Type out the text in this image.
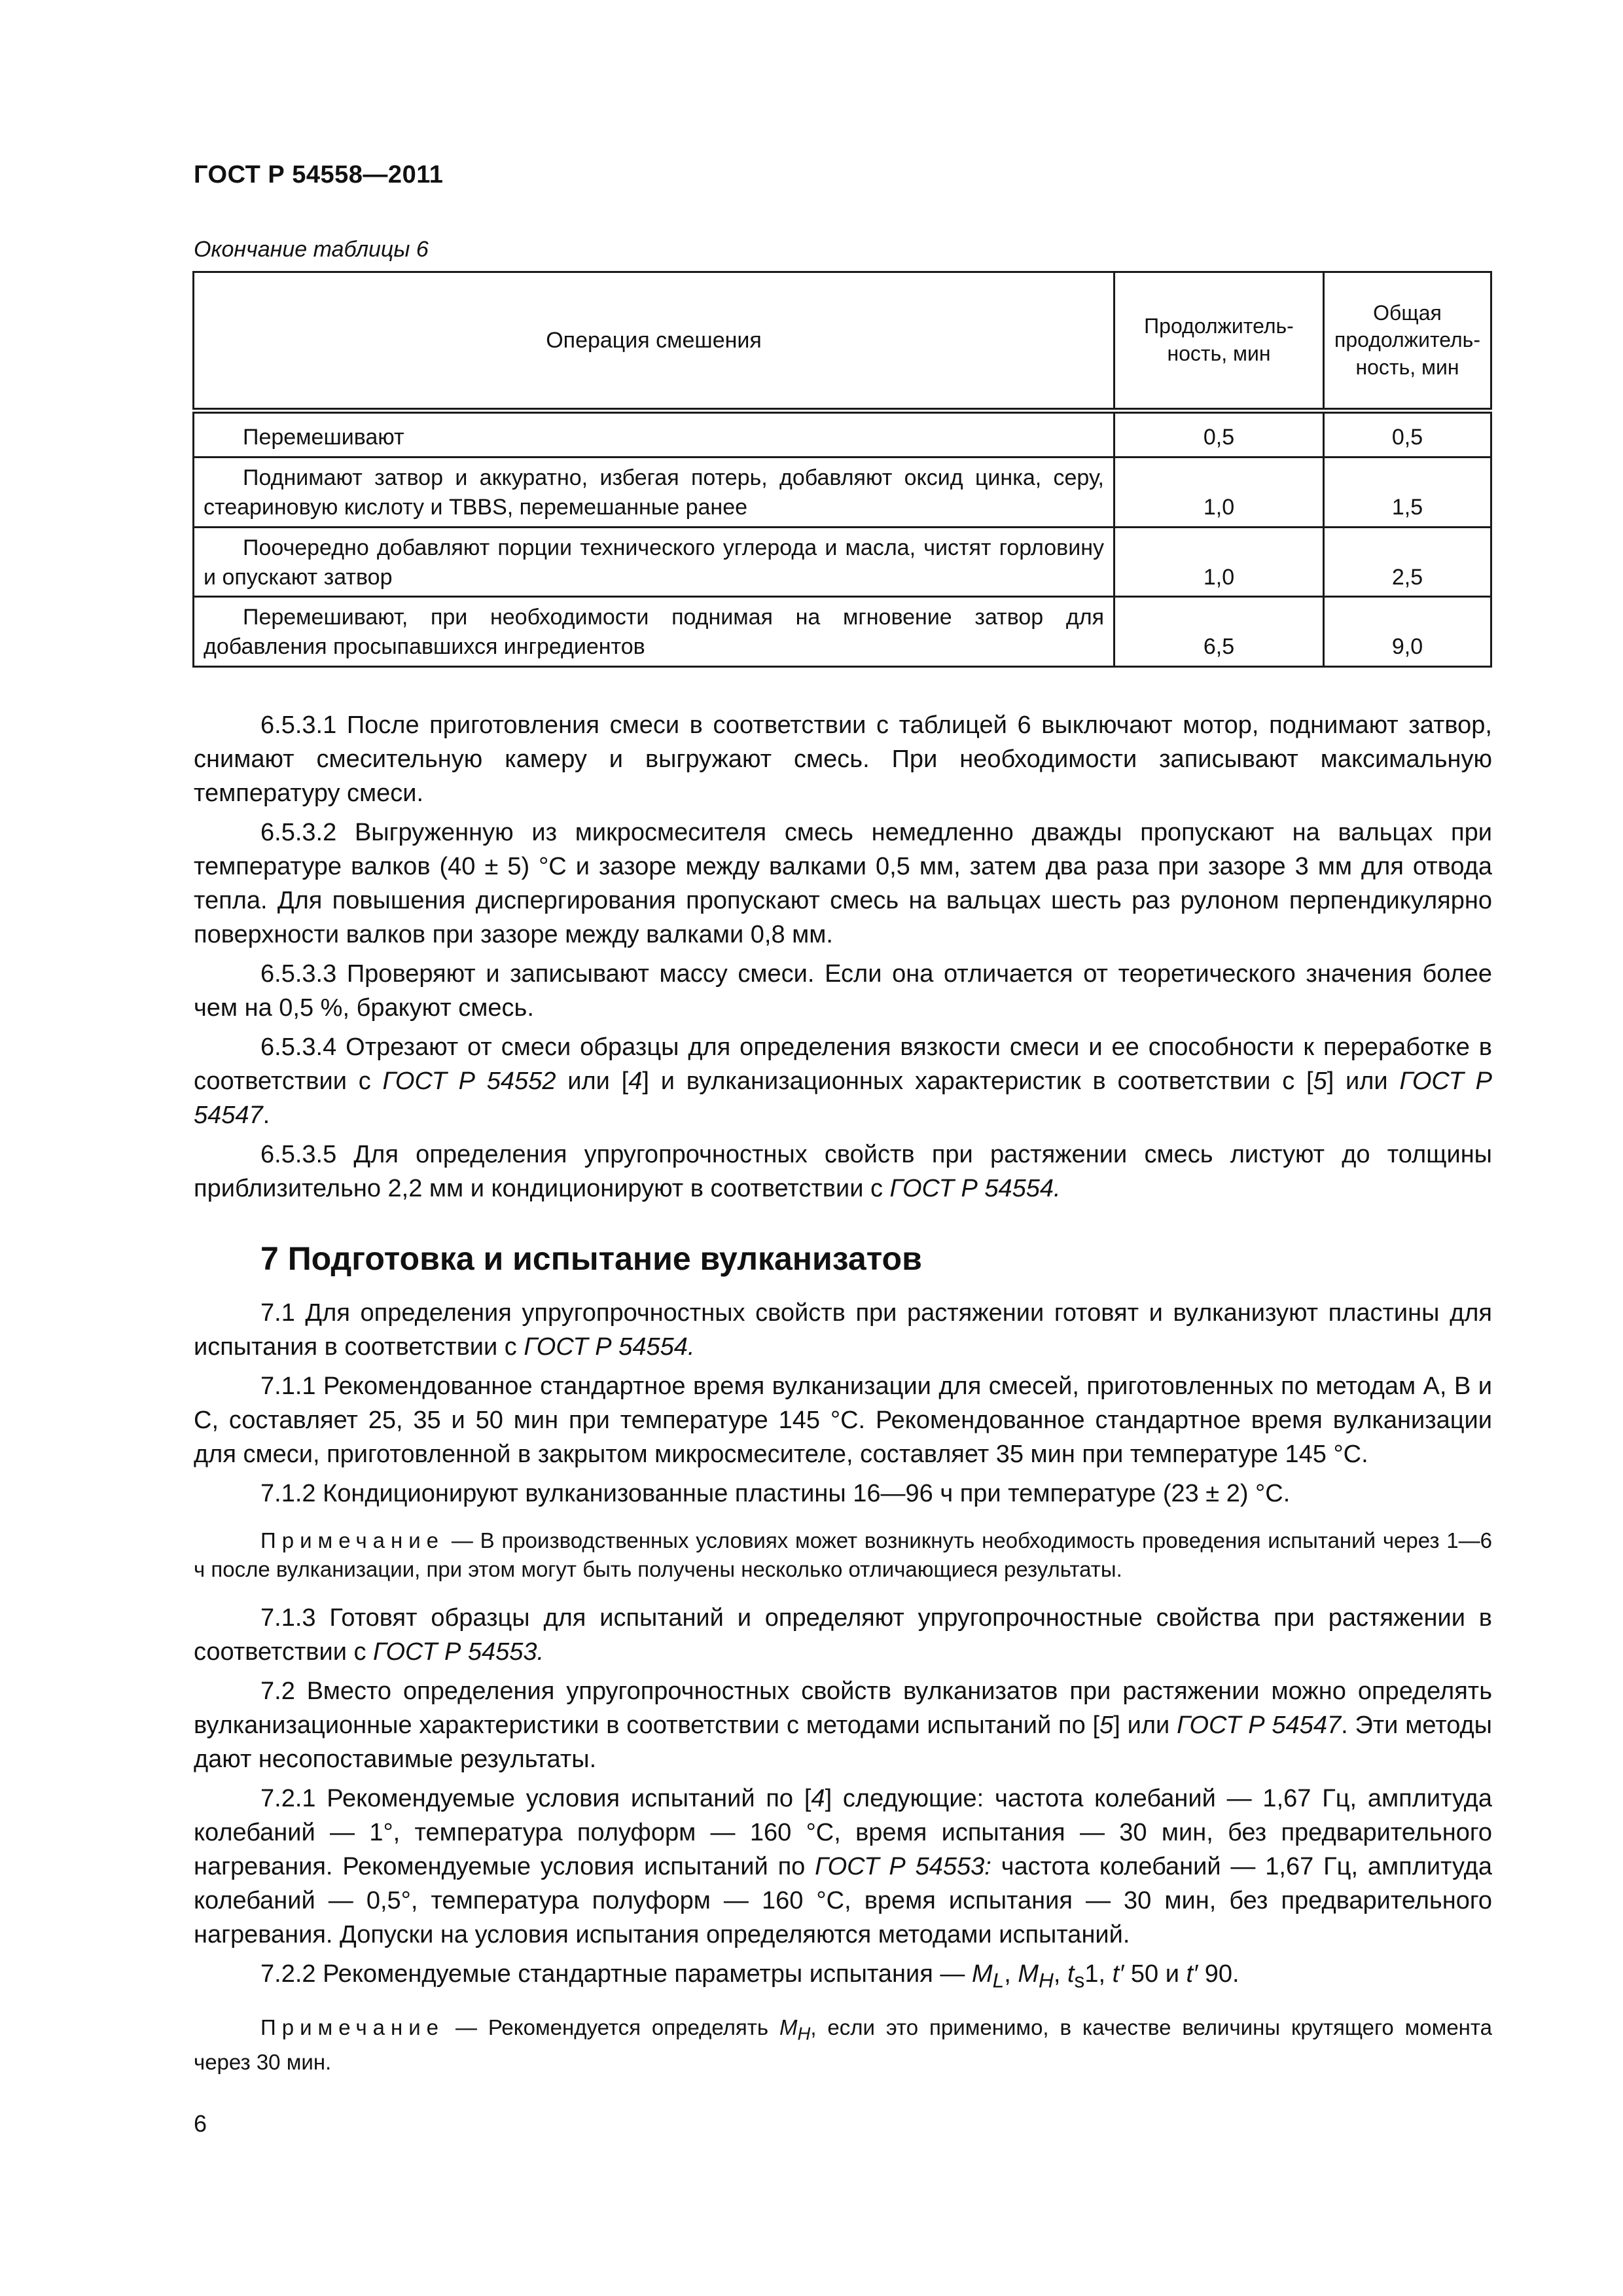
ГОСТ Р 54558—2011
Окончание таблицы 6
Операция смешения	Продолжитель-ность, мин	Общая продолжитель-ность, мин
Перемешивают	0,5	0,5
Поднимают затвор и аккуратно, избегая потерь, добавляют оксид цинка, серу, стеариновую кислоту и TBBS, перемешанные ранее	1,0	1,5
Поочередно добавляют порции технического углерода и масла, чистят горловину и опускают затвор	1,0	2,5
Перемешивают, при необходимости поднимая на мгновение затвор для добавления просыпавшихся ингредиентов	6,5	9,0

6.5.3.1 После приготовления смеси в соответствии с таблицей 6 выключают мотор, поднимают затвор, снимают смесительную камеру и выгружают смесь. При необходимости записывают максимальную температуру смеси.

6.5.3.2 Выгруженную из микросмесителя смесь немедленно дважды пропускают на вальцах при температуре валков (40 ± 5) °С и зазоре между валками 0,5 мм, затем два раза при зазоре 3 мм для отвода тепла. Для повышения диспергирования пропускают смесь на вальцах шесть раз рулоном перпендикулярно поверхности валков при зазоре между валками 0,8 мм.

6.5.3.3 Проверяют и записывают массу смеси. Если она отличается от теоретического значения более чем на 0,5 %, бракуют смесь.

6.5.3.4 Отрезают от смеси образцы для определения вязкости смеси и ее способности к переработке в соответствии с ГОСТ Р 54552 или [4] и вулканизационных характеристик в соответствии с [5] или ГОСТ Р 54547.

6.5.3.5 Для определения упругопрочностных свойств при растяжении смесь листуют до толщины приблизительно 2,2 мм и кондиционируют в соответствии с ГОСТ Р 54554.

7 Подготовка и испытание вулканизатов

7.1 Для определения упругопрочностных свойств при растяжении готовят и вулканизуют пластины для испытания в соответствии с ГОСТ Р 54554.

7.1.1 Рекомендованное стандартное время вулканизации для смесей, приготовленных по методам А, В и С, составляет 25, 35 и 50 мин при температуре 145 °С. Рекомендованное стандартное время вулканизации для смеси, приготовленной в закрытом микросмесителе, составляет 35 мин при температуре 145 °С.

7.1.2 Кондиционируют вулканизованные пластины 16—96 ч при температуре (23 ± 2) °С.

Примечание — В производственных условиях может возникнуть необходимость проведения испытаний через 1—6 ч после вулканизации, при этом могут быть получены несколько отличающиеся результаты.

7.1.3 Готовят образцы для испытаний и определяют упругопрочностные свойства при растяжении в соответствии с ГОСТ Р 54553.

7.2 Вместо определения упругопрочностных свойств вулканизатов при растяжении можно определять вулканизационные характеристики в соответствии с методами испытаний по [5] или ГОСТ Р 54547. Эти методы дают несопоставимые результаты.

7.2.1 Рекомендуемые условия испытаний по [4] следующие: частота колебаний — 1,67 Гц, амплитуда колебаний — 1°, температура полуформ — 160 °С, время испытания — 30 мин, без предварительного нагревания. Рекомендуемые условия испытаний по ГОСТ Р 54553: частота колебаний — 1,67 Гц, амплитуда колебаний — 0,5°, температура полуформ — 160 °С, время испытания — 30 мин, без предварительного нагревания. Допуски на условия испытания определяются методами испытаний.

7.2.2 Рекомендуемые стандартные параметры испытания — $M_L$, $M_H$, $t_s1$, t′ 50 и t′ 90.

Примечание — Рекомендуется определять $M_H$, если это применимо, в качестве величины крутящего момента через 30 мин.

6
